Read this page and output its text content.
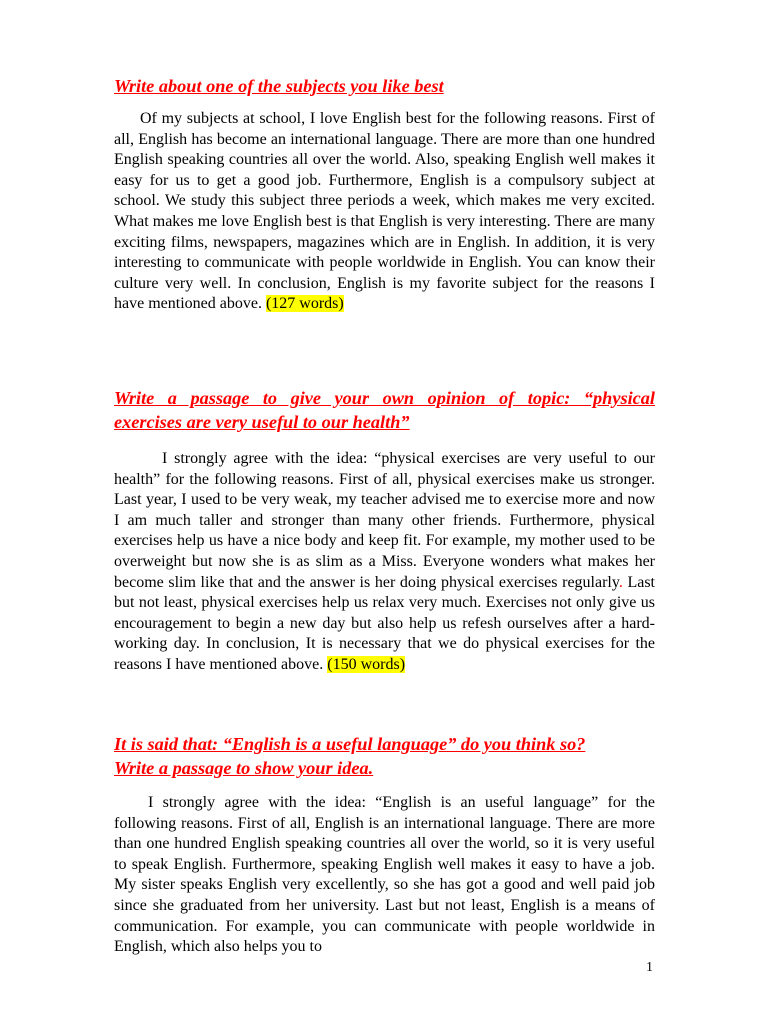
Write about one of the subjects you like best

Of my subjects at school, I love English best for the following reasons. First of all, English has become an international language. There are more than one hundred English speaking countries all over the world. Also, speaking English well makes it easy for us to get a good job. Furthermore, English is a compulsory subject at school. We study this subject three periods a week, which makes me very excited. What makes me love English best is that English is very interesting. There are many exciting films, newspapers, magazines which are in English. In addition, it is very interesting to communicate with people worldwide in English. You can know their culture very well. In conclusion, English is my favorite subject for the reasons I have mentioned above. (127 words)

Write a passage to give your own opinion of topic: “physical
exercises are very useful to our health”

I strongly agree with the idea: “physical exercises are very useful to our health” for the following reasons. First of all, physical exercises make us stronger. Last year, I used to be very weak, my teacher advised me to exercise more and now I am much taller and stronger than many other friends. Furthermore, physical exercises help us have a nice body and keep fit. For example, my mother used to be overweight but now she is as slim as a Miss. Everyone wonders what makes her become slim like that and the answer is her doing physical exercises regularly. Last but not least, physical exercises help us relax very much. Exercises not only give us encouragement to begin a new day but also help us refesh ourselves after a hard-working day. In conclusion, It is necessary that we do physical exercises for the reasons I have mentioned above. (150 words)

It is said that: “English is a useful language” do you think so?
Write a passage to show your idea.

I strongly agree with the idea: “English is an useful language” for the following reasons. First of all, English is an international language. There are more than one hundred English speaking countries all over the world, so it is very useful to speak English. Furthermore, speaking English well makes it easy to have a job. My sister speaks English very excellently, so she has got a good and well paid job since she graduated from her university. Last but not least, English is a means of communication. For example, you can communicate with people worldwide in English, which also helps you to

1
